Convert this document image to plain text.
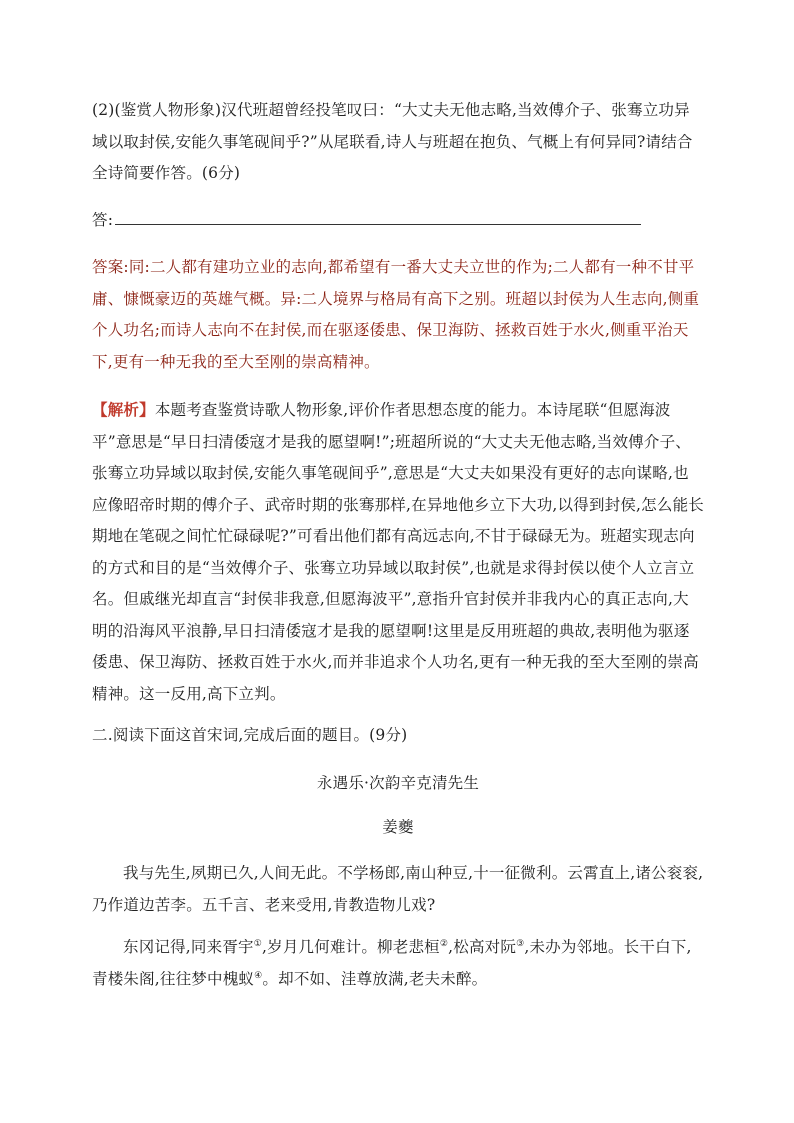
(2)(鉴赏人物形象)汉代班超曾经投笔叹曰：“大丈夫无他志略,当效傅介子、张骞立功异域以取封侯,安能久事笔砚间乎?”从尾联看,诗人与班超在抱负、气概上有何异同?请结合全诗简要作答。(6分)

答:

答案:同:二人都有建功立业的志向,都希望有一番大丈夫立世的作为;二人都有一种不甘平庸、慷慨豪迈的英雄气概。异:二人境界与格局有高下之别。班超以封侯为人生志向,侧重个人功名;而诗人志向不在封侯,而在驱逐倭患、保卫海防、拯救百姓于水火,侧重平治天下,更有一种无我的至大至刚的崇高精神。

【解析】本题考查鉴赏诗歌人物形象,评价作者思想态度的能力。本诗尾联“但愿海波平”意思是“早日扫清倭寇才是我的愿望啊!”;班超所说的“大丈夫无他志略,当效傅介子、张骞立功异域以取封侯,安能久事笔砚间乎”,意思是“大丈夫如果没有更好的志向谋略,也应像昭帝时期的傅介子、武帝时期的张骞那样,在异地他乡立下大功,以得到封侯,怎么能长期地在笔砚之间忙忙碌碌呢?”可看出他们都有高远志向,不甘于碌碌无为。班超实现志向的方式和目的是“当效傅介子、张骞立功异域以取封侯”,也就是求得封侯以使个人立言立名。但戚继光却直言“封侯非我意,但愿海波平”,意指升官封侯并非我内心的真正志向,大明的沿海风平浪静,早日扫清倭寇才是我的愿望啊!这里是反用班超的典故,表明他为驱逐倭患、保卫海防、拯救百姓于水火,而并非追求个人功名,更有一种无我的至大至刚的崇高精神。这一反用,高下立判。

二.阅读下面这首宋词,完成后面的题目。(9分)

永遇乐·次韵辛克清先生

姜夔

我与先生,夙期已久,人间无此。不学杨郎,南山种豆,十一征微利。云霄直上,诸公衮衮,乃作道边苦李。五千言、老来受用,肯教造物儿戏?

东冈记得,同来胥宇①,岁月几何难计。柳老悲桓②,松高对阮③,未办为邻地。长干白下,青楼朱阁,往往梦中槐蚁④。却不如、洼尊放满,老夫未醉。
